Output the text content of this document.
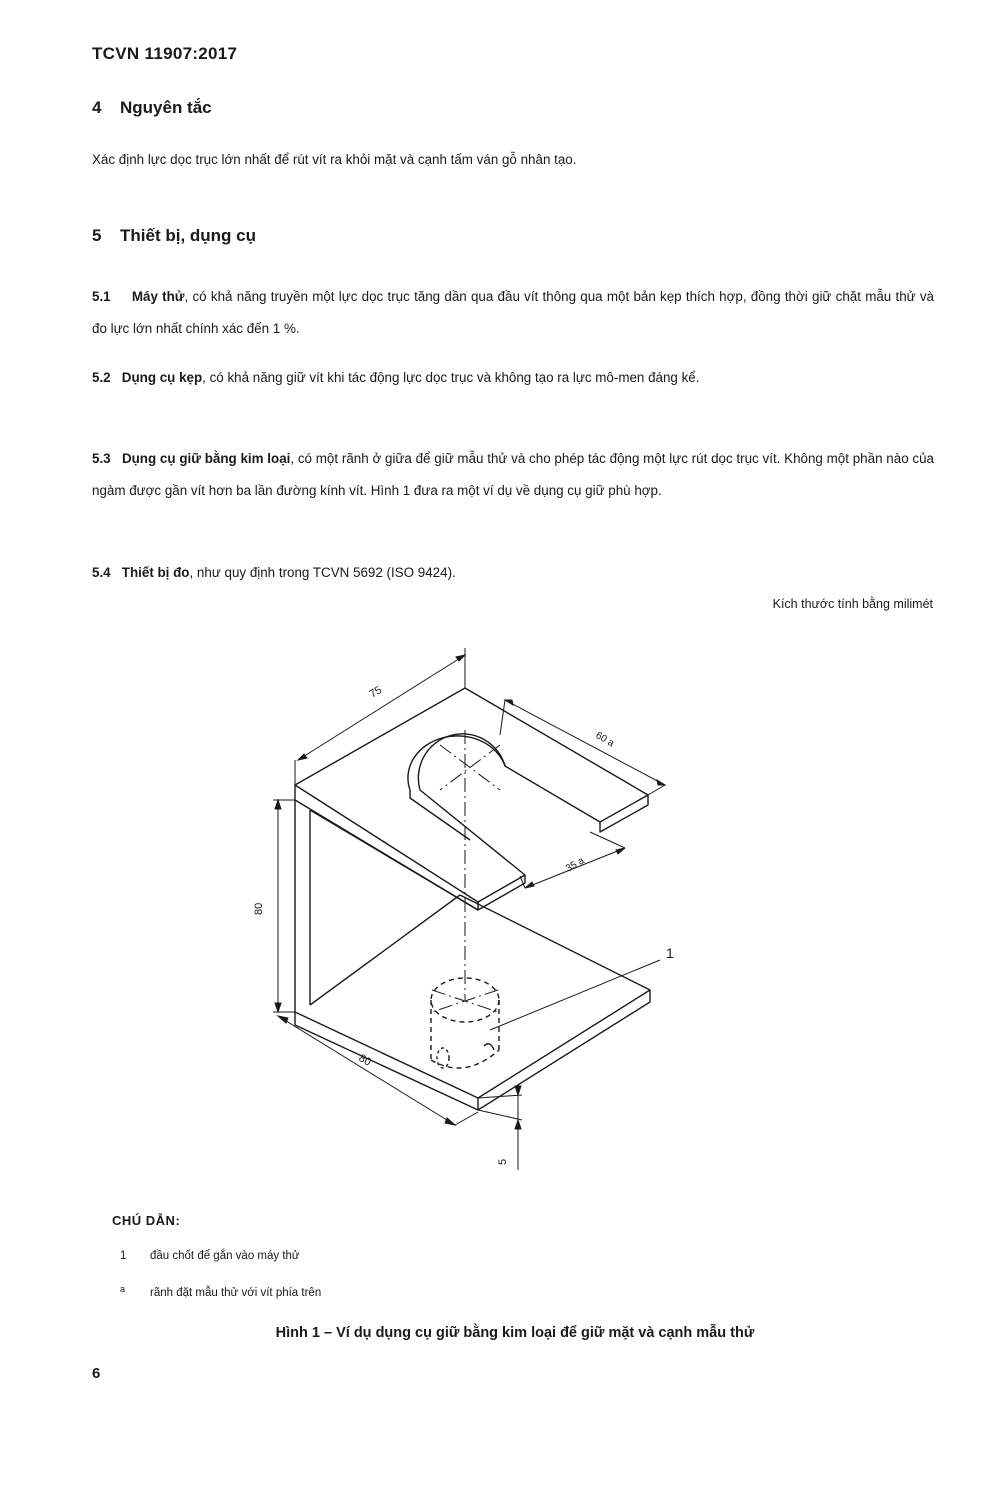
TCVN 11907:2017
4 Nguyên tắc
Xác định lực dọc trục lớn nhất để rút vít ra khỏi mặt và cạnh tấm ván gỗ nhân tạo.
5 Thiết bị, dụng cụ
5.1 Máy thử, có khả năng truyền một lực dọc trục tăng dần qua đầu vít thông qua một bản kẹp thích hợp, đồng thời giữ chặt mẫu thử và đo lực lớn nhất chính xác đến 1 %.
5.2 Dụng cụ kẹp, có khả năng giữ vít khi tác động lực dọc trục và không tạo ra lực mô-men đáng kể.
5.3 Dụng cụ giữ bằng kim loại, có một rãnh ở giữa để giữ mẫu thử và cho phép tác động một lực rút dọc trục vít. Không một phần nào của ngàm được gần vít hơn ba lần đường kính vít. Hình 1 đưa ra một ví dụ về dụng cụ giữ phù hợp.
5.4 Thiết bị đo, như quy định trong TCVN 5692 (ISO 9424).
Kích thước tính bằng milimét
75
60 a
35 a
80
80
5
1
CHÚ DẪN:
1 đầu chốt để gắn vào máy thử
a rãnh đặt mẫu thử với vít phía trên
Hình 1 – Ví dụ dụng cụ giữ bằng kim loại để giữ mặt và cạnh mẫu thử
6
